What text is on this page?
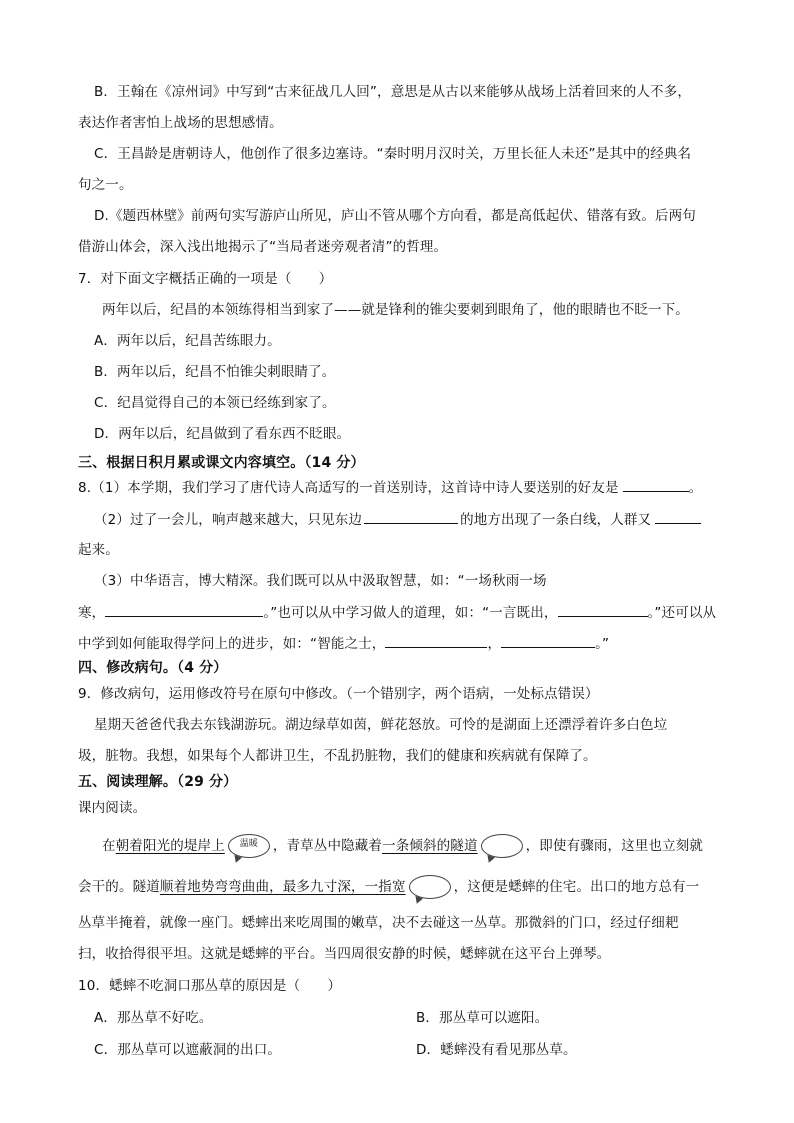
B．王翰在《凉州词》中写到“古来征战几人回”，意思是从古以来能够从战场上活着回来的人不多，
表达作者害怕上战场的思想感情。
C．王昌龄是唐朝诗人，他创作了很多边塞诗。“秦时明月汉时关，万里长征人未还”是其中的经典名
句之一。
D.《题西林壁》前两句实写游庐山所见，庐山不管从哪个方向看，都是高低起伏、错落有致。后两句
借游山体会，深入浅出地揭示了“当局者迷旁观者清”的哲理。
7．对下面文字概括正确的一项是（　　）
两年以后，纪昌的本领练得相当到家了——就是锋利的锥尖要刺到眼角了，他的眼睛也不眨一下。
A．两年以后，纪昌苦练眼力。
B．两年以后，纪昌不怕锥尖刺眼睛了。
C．纪昌觉得自己的本领已经练到家了。
D．两年以后，纪昌做到了看东西不眨眼。
三、根据日积月累或课文内容填空。（14 分）
8.（1）本学期，我们学习了唐代诗人高适写的一首送别诗，这首诗中诗人要送别的好友是	。
（2）过了一会儿，响声越来越大，只见东边	的地方出现了一条白线，人群又
起来。
（3）中华语言，博大精深。我们既可以从中汲取智慧，如：“一场秋雨一场
寒，	。”也可以从中学习做人的道理，如：“一言既出，	。”还可以从
中学到如何能取得学问上的进步，如：“智能之士，	，	。”
四、修改病句。（4 分）
9．修改病句，运用修改符号在原句中修改。（一个错别字，两个语病，一处标点错误）
星期天爸爸代我去东钱湖游玩。湖边绿草如茵，鲜花怒放。可怜的是湖面上还漂浮着许多白色垃
圾，脏物。我想，如果每个人都讲卫生，不乱扔脏物，我们的健康和疾病就有保障了。
五、阅读理解。（29 分）
课内阅读。
在朝着阳光的堤岸上	温暖	，青草丛中隐藏着一条倾斜的隧道	，即使有骤雨，这里也立刻就
会干的。隧道顺着地势弯弯曲曲，最多九寸深，一指宽	，这便是蟋蟀的住宅。出口的地方总有一
丛草半掩着，就像一座门。蟋蟀出来吃周围的嫩草，决不去碰这一丛草。那微斜的门口，经过仔细耙
扫，收拾得很平坦。这就是蟋蟀的平台。当四周很安静的时候，蟋蟀就在这平台上弹琴。
10．蟋蟀不吃洞口那丛草的原因是（　　）
A．那丛草不好吃。	B．那丛草可以遮阳。
C．那丛草可以遮蔽洞的出口。	D．蟋蟀没有看见那丛草。
